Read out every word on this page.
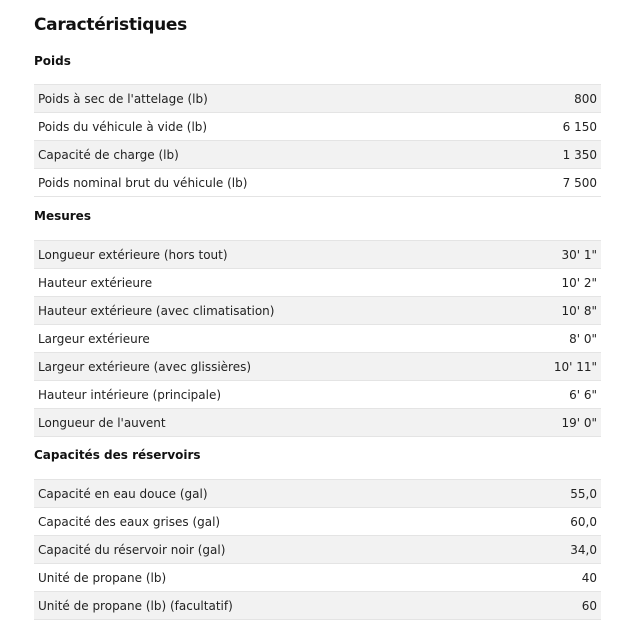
Caractéristiques
Poids
Poids à sec de l'attelage (lb)	800
Poids du véhicule à vide (lb)	6 150
Capacité de charge (lb)	1 350
Poids nominal brut du véhicule (lb)	7 500
Mesures
Longueur extérieure (hors tout)	30' 1"
Hauteur extérieure	10' 2"
Hauteur extérieure (avec climatisation)	10' 8"
Largeur extérieure	8' 0"
Largeur extérieure (avec glissières)	10' 11"
Hauteur intérieure (principale)	6' 6"
Longueur de l'auvent	19' 0"
Capacités des réservoirs
Capacité en eau douce (gal)	55,0
Capacité des eaux grises (gal)	60,0
Capacité du réservoir noir (gal)	34,0
Unité de propane (lb)	40
Unité de propane (lb) (facultatif)	60
